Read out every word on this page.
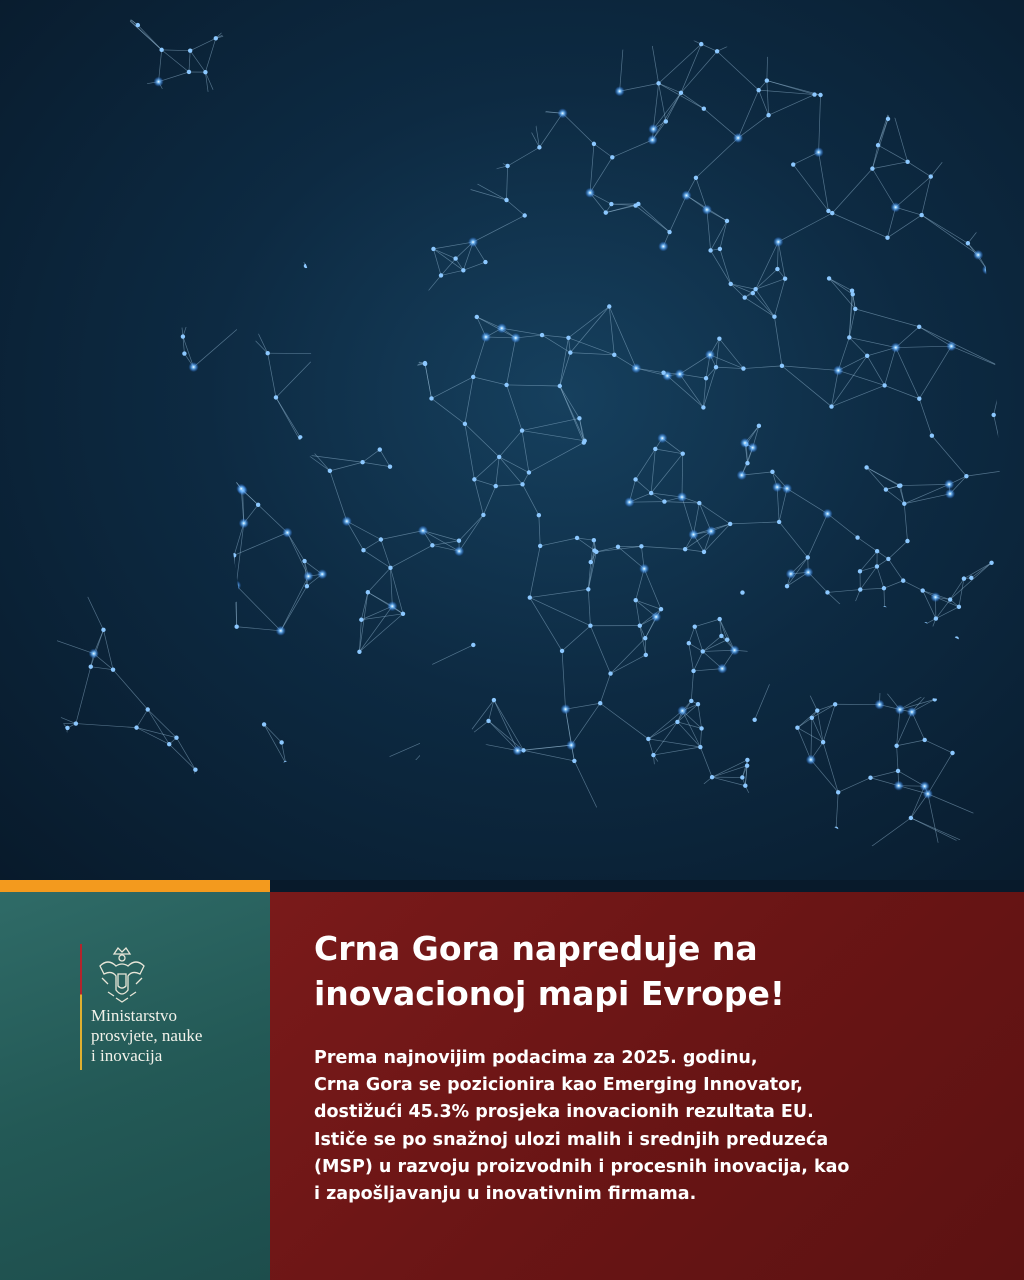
Ministarstvo
prosvjete, nauke
i inovacija
Crna Gora napreduje na
inovacionoj mapi Evrope!
Prema najnovijim podacima za 2025. godinu,
Crna Gora se pozicionira kao Emerging Innovator,
dostižući 45.3% prosjeka inovacionih rezultata EU.
Ističe se po snažnoj ulozi malih i srednjih preduzeća
(MSP) u razvoju proizvodnih i procesnih inovacija, kao
i zapošljavanju u inovativnim firmama.
